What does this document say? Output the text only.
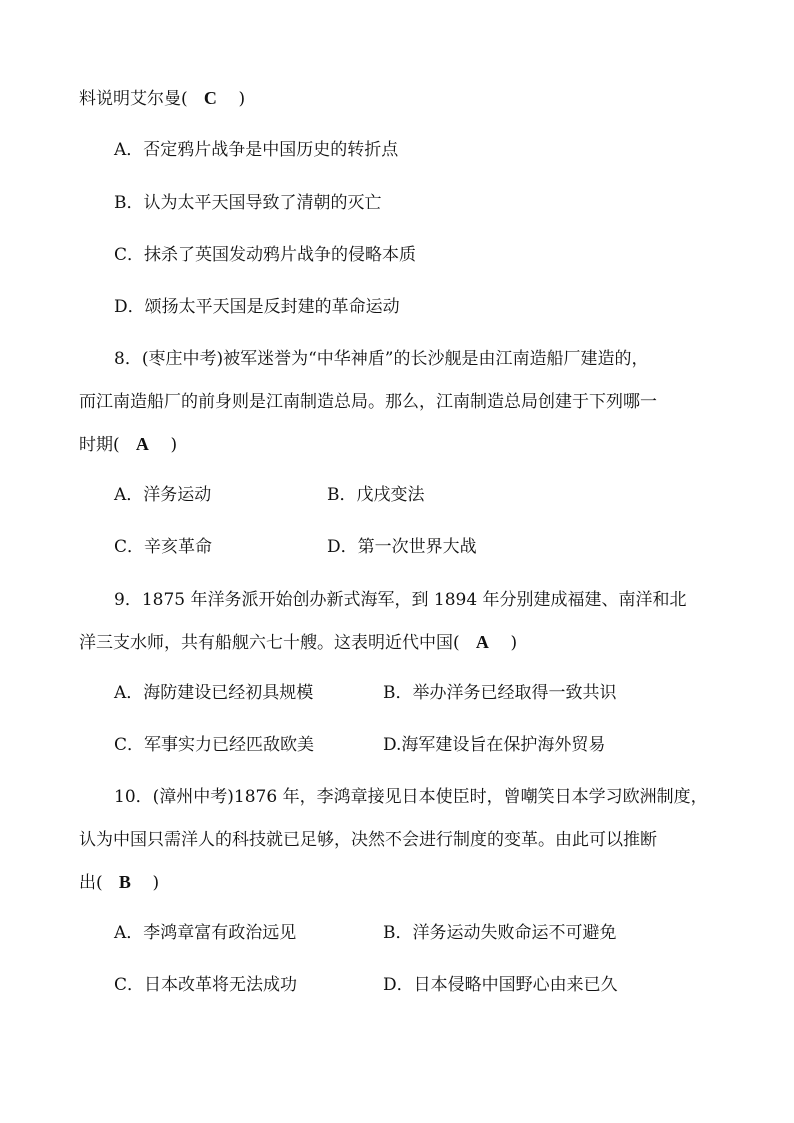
料说明艾尔曼( C )
A．否定鸦片战争是中国历史的转折点
B．认为太平天国导致了清朝的灭亡
C．抹杀了英国发动鸦片战争的侵略本质
D．颂扬太平天国是反封建的革命运动
8．(枣庄中考)被军迷誉为“中华神盾”的长沙舰是由江南造船厂建造的，
而江南造船厂的前身则是江南制造总局。那么，江南制造总局创建于下列哪一
时期( A )
A．洋务运动	B．戊戌变法
C．辛亥革命	D．第一次世界大战
9．1875 年洋务派开始创办新式海军，到 1894 年分别建成福建、南洋和北
洋三支水师，共有船舰六七十艘。这表明近代中国( A )
A．海防建设已经初具规模	B．举办洋务已经取得一致共识
C．军事实力已经匹敌欧美	D.海军建设旨在保护海外贸易
10．(漳州中考)1876 年，李鸿章接见日本使臣时，曾嘲笑日本学习欧洲制度，
认为中国只需洋人的科技就已足够，决然不会进行制度的变革。由此可以推断
出( B )
A．李鸿章富有政治远见	B．洋务运动失败命运不可避免
C．日本改革将无法成功	D．日本侵略中国野心由来已久
